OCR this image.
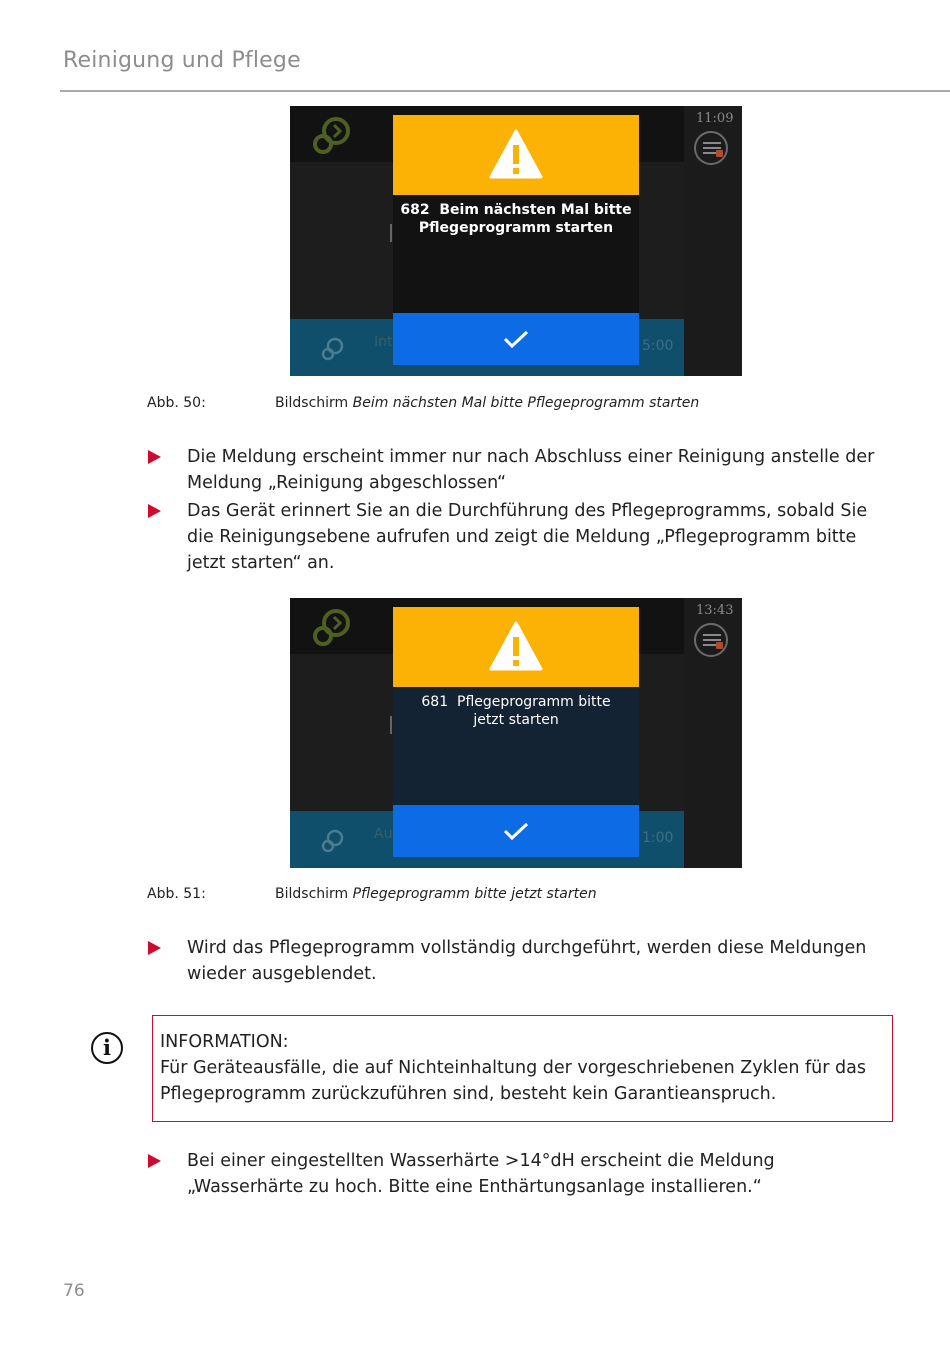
Reinigung und Pflege
11:09
Int	5:00
682 Beim nächsten Mal bitte
Pflegeprogramm starten
Abb. 50:	Bildschirm Beim nächsten Mal bitte Pflegeprogramm starten
Die Meldung erscheint immer nur nach Abschluss einer Reinigung anstelle der Meldung „Reinigung abgeschlossen“
Das Gerät erinnert Sie an die Durchführung des Pflegeprogramms, sobald Sie die Reinigungsebene aufrufen und zeigt die Meldung „Pflegeprogramm bitte jetzt starten“ an.
13:43
Au	1:00
681 Pflegeprogramm bitte
jetzt starten
Abb. 51:	Bildschirm Pflegeprogramm bitte jetzt starten
Wird das Pflegeprogramm vollständig durchgeführt, werden diese Meldungen wieder ausgeblendet.
i	INFORMATION:
Für Geräteausfälle, die auf Nichteinhaltung der vorgeschriebenen Zyklen für das Pflegeprogramm zurückzuführen sind, besteht kein Garantieanspruch.
Bei einer eingestellten Wasserhärte >14°dH erscheint die Meldung „Wasserhärte zu hoch. Bitte eine Enthärtungsanlage installieren.“
76
